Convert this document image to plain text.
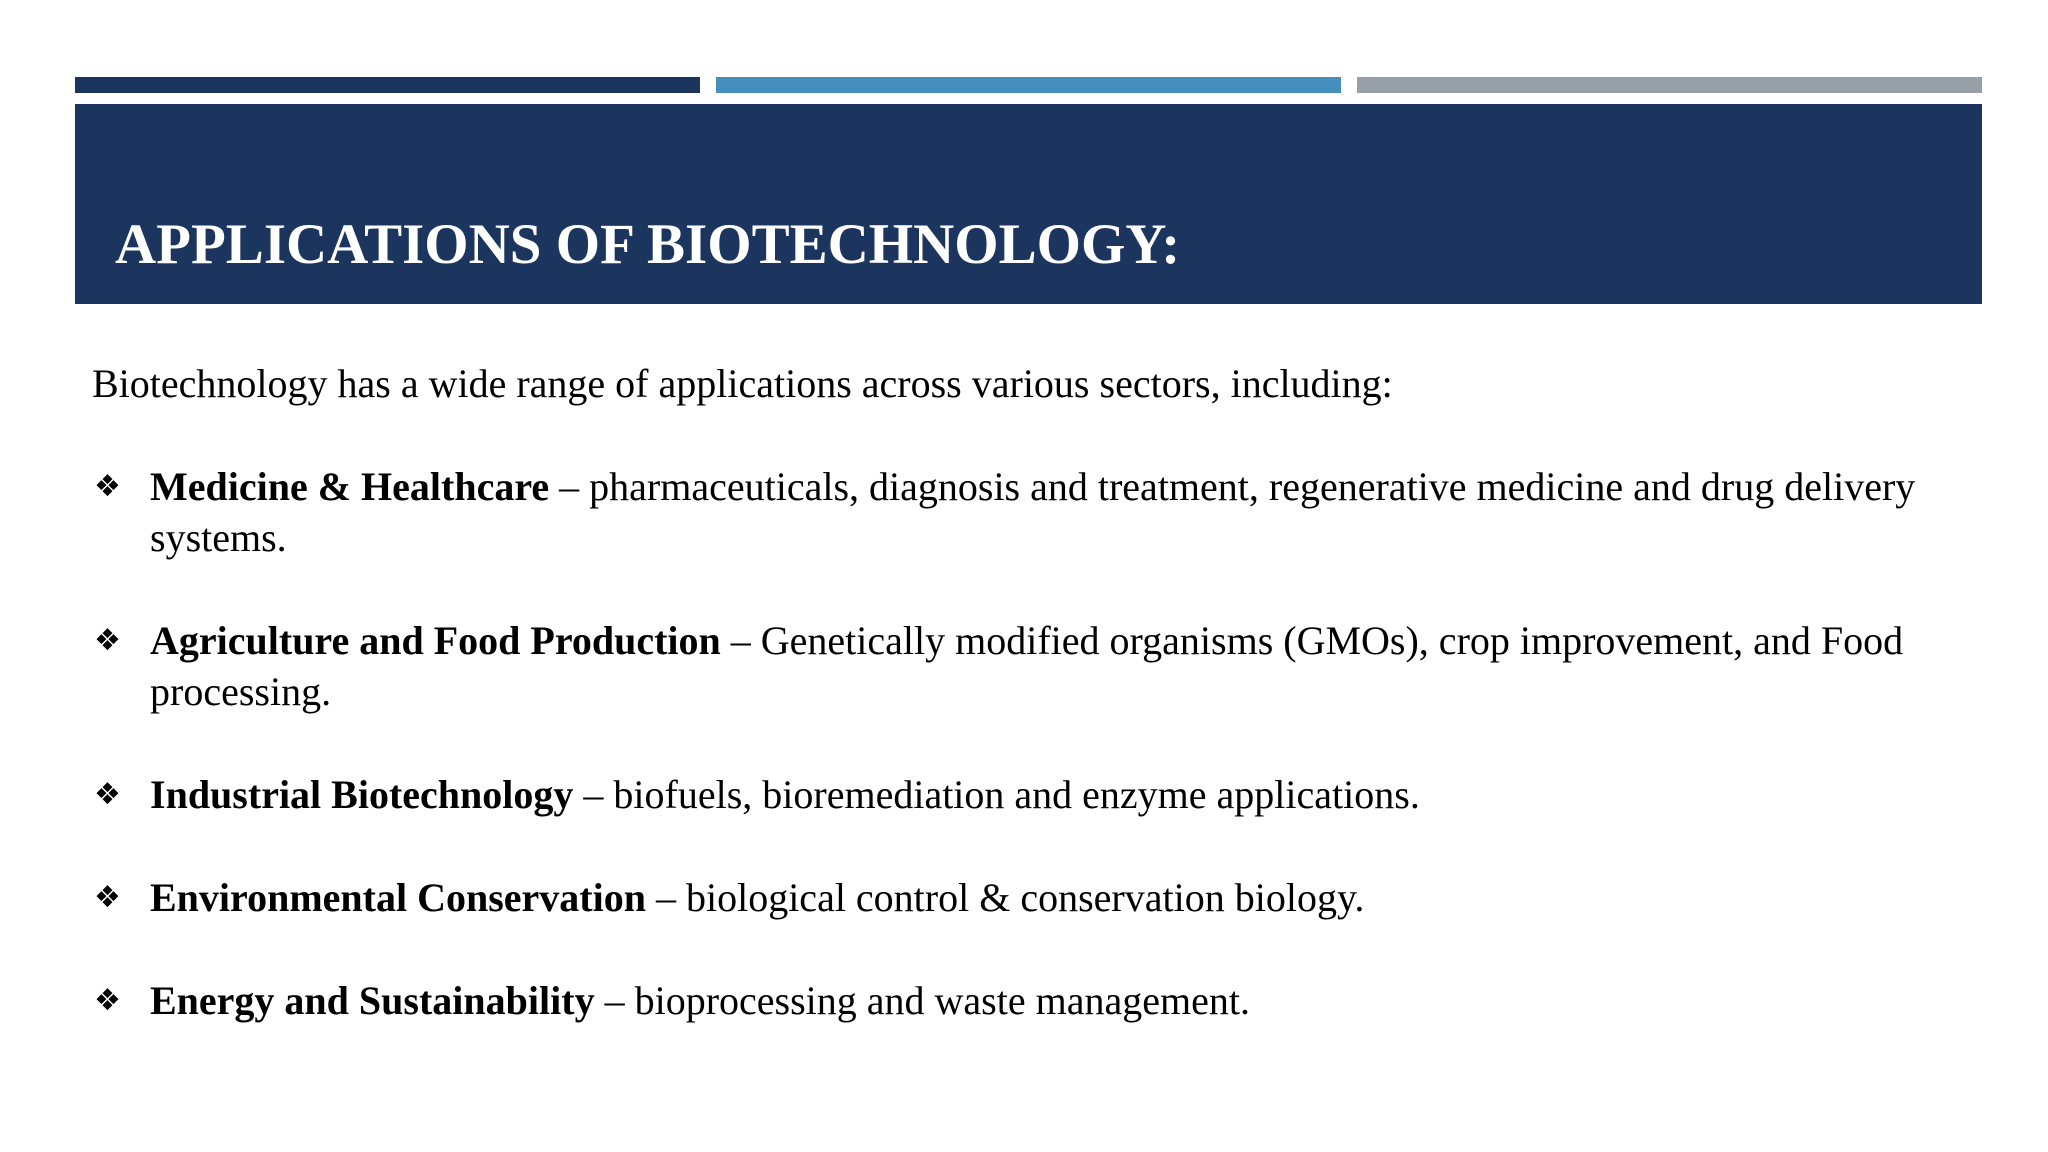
APPLICATIONS OF BIOTECHNOLOGY:

Biotechnology has a wide range of applications across various sectors, including:

❖ Medicine & Healthcare – pharmaceuticals, diagnosis and treatment, regenerative medicine and drug delivery systems.
❖ Agriculture and Food Production – Genetically modified organisms (GMOs), crop improvement, and Food processing.
❖ Industrial Biotechnology – biofuels, bioremediation and enzyme applications.
❖ Environmental Conservation – biological control & conservation biology.
❖ Energy and Sustainability – bioprocessing and waste management.
